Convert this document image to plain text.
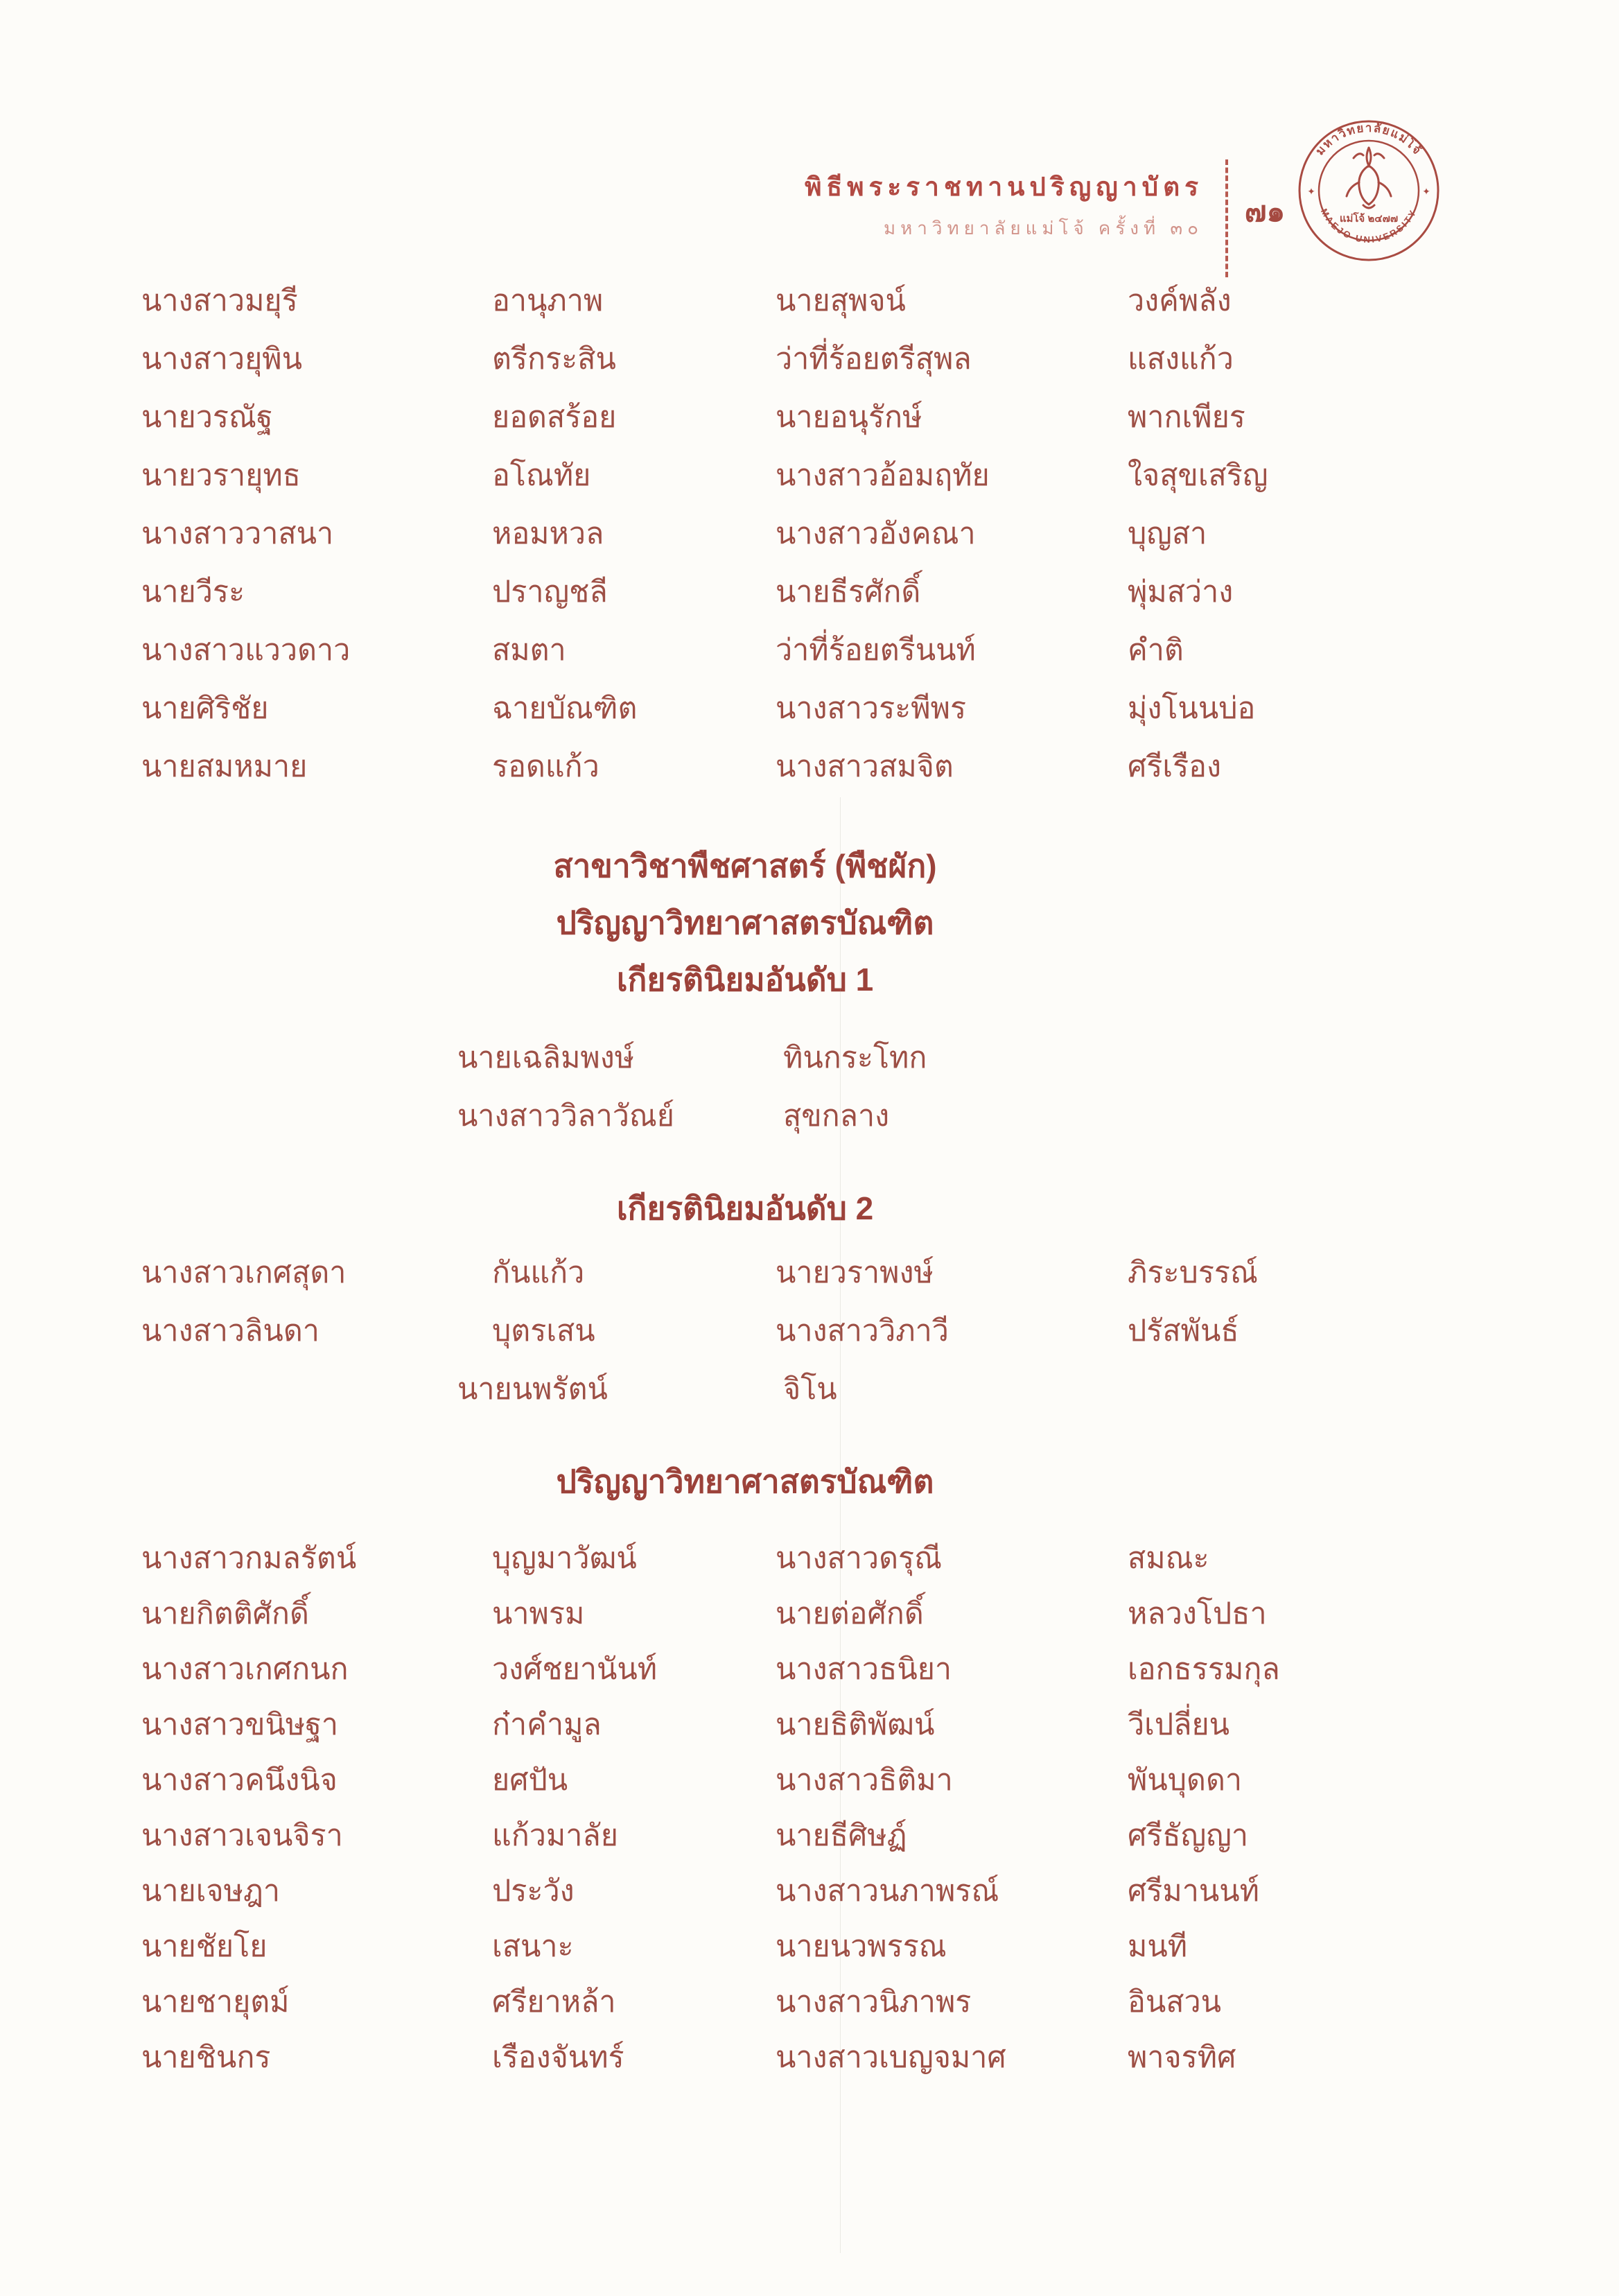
พิธีพระราชทานปริญญาบัตร
มหาวิทยาลัยแม่โจ้ ครั้งที่ ๓๐
๗๑
มหาวิทยาลัยแม่โจ้
MAEJO UNIVERSITY
✦	✦
แม่โจ้ ๒๔๗๗
นางสาวมยุรี	อานุภาพ	นายสุพจน์	วงค์พลัง
นางสาวยุพิน	ตรีกระสิน	ว่าที่ร้อยตรีสุพล	แสงแก้ว
นายวรณัฐ	ยอดสร้อย	นายอนุรักษ์	พากเพียร
นายวรายุทธ	อโณทัย	นางสาวอ้อมฤทัย	ใจสุขเสริญ
นางสาววาสนา	หอมหวล	นางสาวอังคณา	บุญสา
นายวีระ	ปราญชลี	นายธีรศักดิ์	พุ่มสว่าง
นางสาวแววดาว	สมตา	ว่าที่ร้อยตรีนนท์	คำติ
นายศิริชัย	ฉายบัณฑิต	นางสาวระพีพร	มุ่งโนนบ่อ
นายสมหมาย	รอดแก้ว	นางสาวสมจิต	ศรีเรือง
สาขาวิชาพืชศาสตร์ (พืชผัก)
ปริญญาวิทยาศาสตรบัณฑิต
เกียรตินิยมอันดับ 1
นายเฉลิมพงษ์	ทินกระโทก
นางสาววิลาวัณย์	สุขกลาง
เกียรตินิยมอันดับ 2
นางสาวเกศสุดา	กันแก้ว	นายวราพงษ์	ภิระบรรณ์
นางสาวลินดา	บุตรเสน	นางสาววิภาวี	ปรัสพันธ์
นายนพรัตน์	จิโน
ปริญญาวิทยาศาสตรบัณฑิต
นางสาวกมลรัตน์	บุญมาวัฒน์	นางสาวดรุณี	สมณะ
นายกิตติศักดิ์	นาพรม	นายต่อศักดิ์	หลวงโปธา
นางสาวเกศกนก	วงศ์ชยานันท์	นางสาวธนิยา	เอกธรรมกุล
นางสาวขนิษฐา	ก๋าคำมูล	นายธิติพัฒน์	วีเปลี่ยน
นางสาวคนึงนิจ	ยศปัน	นางสาวธิติมา	พันบุดดา
นางสาวเจนจิรา	แก้วมาลัย	นายธีศิษฏ์	ศรีธัญญา
นายเจษฎา	ประวัง	นางสาวนภาพรณ์	ศรีมานนท์
นายชัยโย	เสนาะ	นายนวพรรณ	มนที
นายชายุตม์	ศรียาหล้า	นางสาวนิภาพร	อินสวน
นายชินกร	เรืองจันทร์	นางสาวเบญจมาศ	พาจรทิศ
